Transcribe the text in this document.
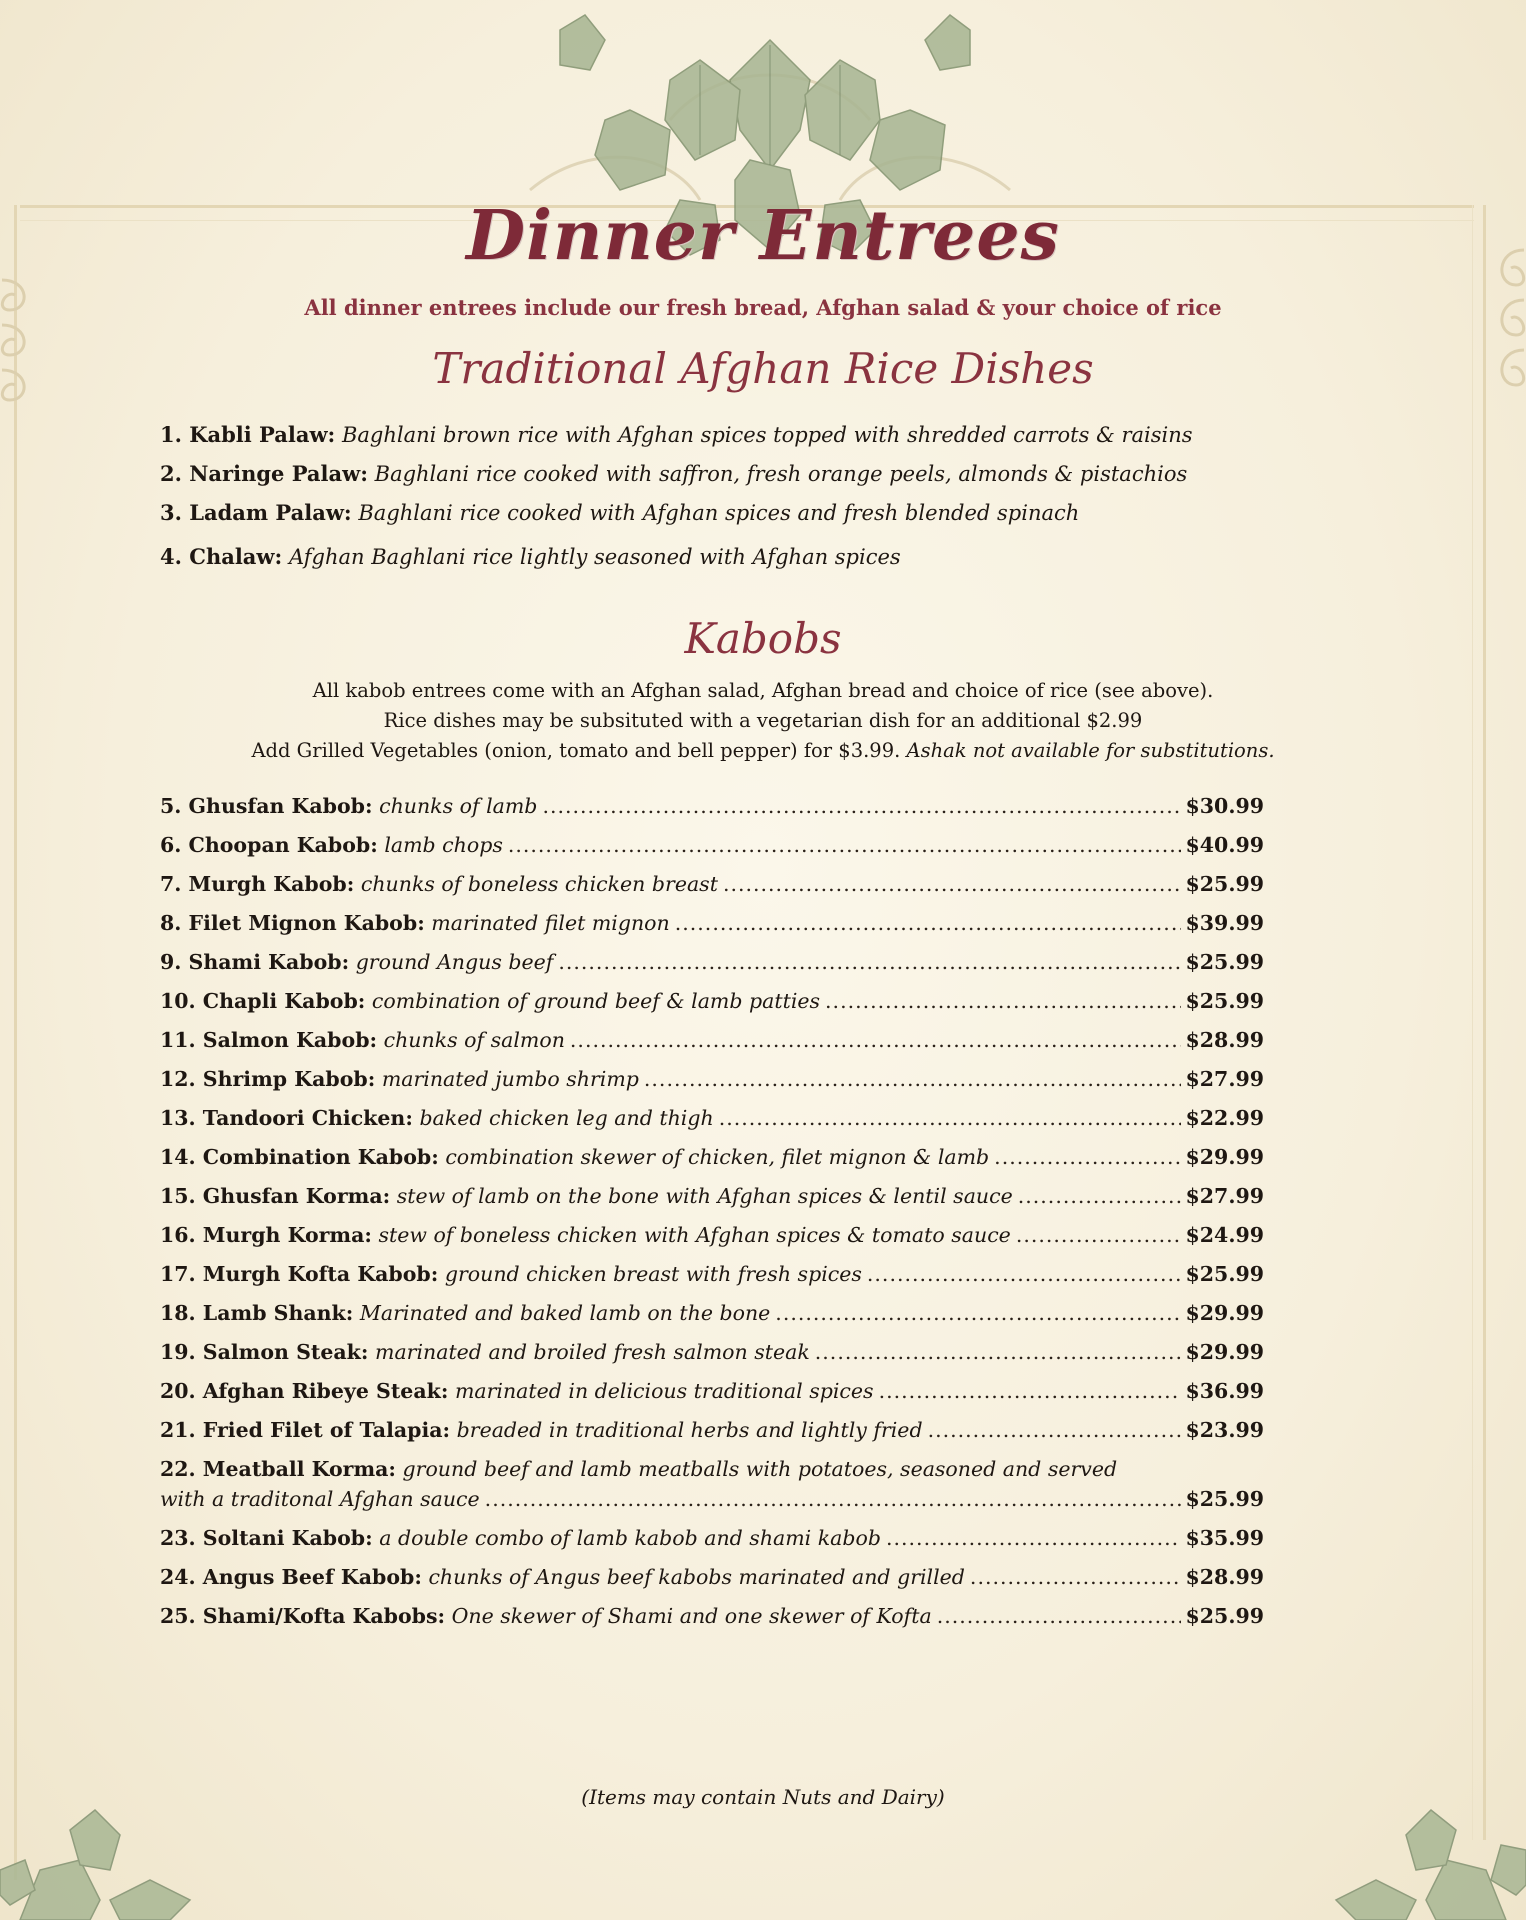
Dinner Entrees
All dinner entrees include our fresh bread, Afghan salad & your choice of rice
Traditional Afghan Rice Dishes
1. Kabli Palaw: Baghlani brown rice with Afghan spices topped with shredded carrots & raisins
2. Naringe Palaw: Baghlani rice cooked with saffron, fresh orange peels, almonds & pistachios
3. Ladam Palaw: Baghlani rice cooked with Afghan spices and fresh blended spinach
4. Chalaw: Afghan Baghlani rice lightly seasoned with Afghan spices
Kabobs
All kabob entrees come with an Afghan salad, Afghan bread and choice of rice (see above).
Rice dishes may be subsituted with a vegetarian dish for an additional $2.99
Add Grilled Vegetables (onion, tomato and bell pepper) for $3.99. Ashak not available for substitutions.
5. Ghusfan Kabob:
chunks of lamb .....	$30.99
6. Choopan Kabob:
lamb chops .....	$40.99
7. Murgh Kabob:
chunks of boneless chicken breast .....	$25.99
8. Filet Mignon Kabob:
marinated filet mignon .....	$39.99
9. Shami Kabob:
ground Angus beef .....	$25.99
10. Chapli Kabob:
combination of ground beef & lamb patties .....	$25.99
11. Salmon Kabob:
chunks of salmon .....	$28.99
12. Shrimp Kabob:
marinated jumbo shrimp .....	$27.99
13. Tandoori Chicken:
baked chicken leg and thigh .....	$22.99
14. Combination Kabob:
combination skewer of chicken, filet mignon & lamb .....	$29.99
15. Ghusfan Korma:
stew of lamb on the bone with Afghan spices & lentil sauce .....	$27.99
16. Murgh Korma:
stew of boneless chicken with Afghan spices & tomato sauce .....	$24.99
17. Murgh Kofta Kabob:
ground chicken breast with fresh spices .....	$25.99
18. Lamb Shank:
Marinated and baked lamb on the bone .....	$29.99
19. Salmon Steak:
marinated and broiled fresh salmon steak .....	$29.99
20. Afghan Ribeye Steak:
marinated in delicious traditional spices .....	$36.99
21. Fried Filet of Talapia:
breaded in traditional herbs and lightly fried .....	$23.99
22. Meatball Korma: ground beef and lamb meatballs with potatoes, seasoned and served
with a traditonal Afghan sauce .....	$25.99
23. Soltani Kabob:
a double combo of lamb kabob and shami kabob .....	$35.99
24. Angus Beef Kabob:
chunks of Angus beef kabobs marinated and grilled .....	$28.99
25. Shami/Kofta Kabobs:
One skewer of Shami and one skewer of Kofta .....	$25.99
(Items may contain Nuts and Dairy)
